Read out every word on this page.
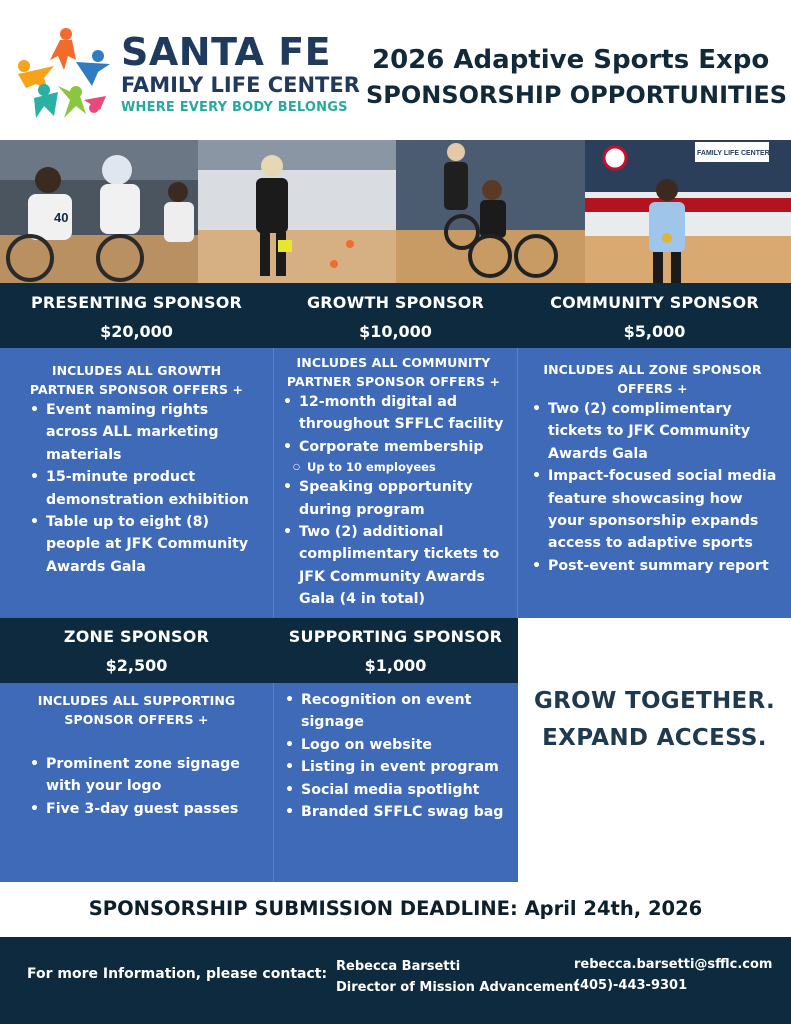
SANTA FE
FAMILY LIFE CENTER
WHERE EVERY BODY BELONGS
2026 Adaptive Sports Expo
SPONSORSHIP OPPORTUNITIES
40
FAMILY LIFE CENTER
PRESENTING SPONSOR
$20,000
GROWTH SPONSOR
$10,000
COMMUNITY SPONSOR
$5,000
INCLUDES ALL GROWTH PARTNER SPONSOR OFFERS +
• Event naming rights across ALL marketing materials
• 15-minute product demonstration exhibition
• Table up to eight (8) people at JFK Community Awards Gala
INCLUDES ALL COMMUNITY PARTNER SPONSOR OFFERS +
• 12-month digital ad throughout SFFLC facility
• Corporate membership
○ Up to 10 employees
• Speaking opportunity during program
• Two (2) additional complimentary tickets to JFK Community Awards Gala (4 in total)
INCLUDES ALL ZONE SPONSOR OFFERS +
• Two (2) complimentary tickets to JFK Community Awards Gala
• Impact-focused social media feature showcasing how your sponsorship expands access to adaptive sports
• Post-event summary report
ZONE SPONSOR
$2,500
SUPPORTING SPONSOR
$1,000
INCLUDES ALL SUPPORTING SPONSOR OFFERS +
• Prominent zone signage with your logo
• Five 3-day guest passes
• Recognition on event signage
• Logo on website
• Listing in event program
• Social media spotlight
• Branded SFFLC swag bag
GROW TOGETHER.
EXPAND ACCESS.
SPONSORSHIP SUBMISSION DEADLINE: April 24th, 2026
For more Information, please contact: Rebecca Barsetti
Director of Mission Advancement
rebecca.barsetti@sfflc.com
(405)-443-9301
